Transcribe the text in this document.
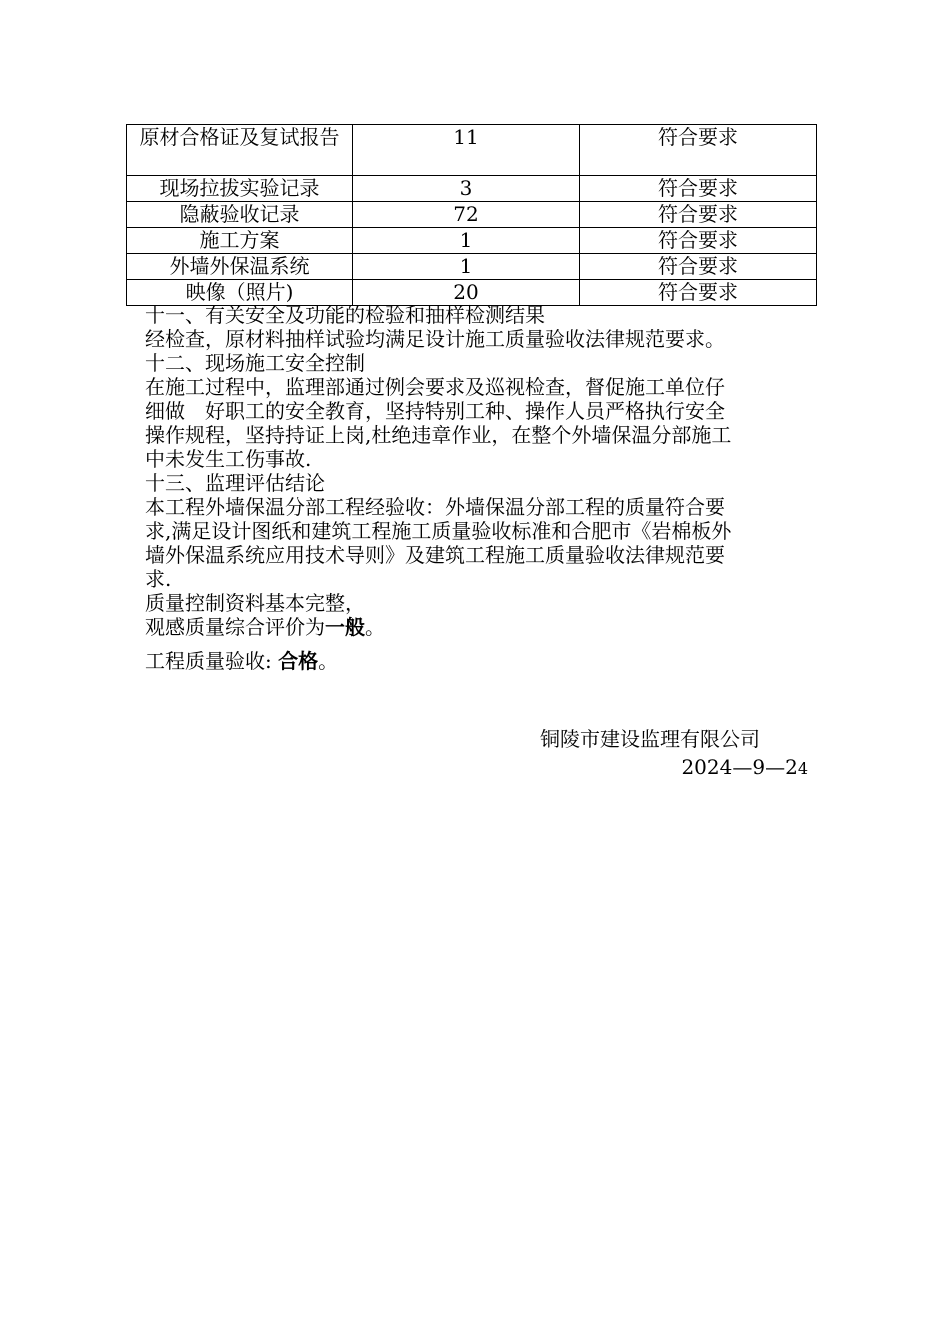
原材合格证及复试报告	11	符合要求
现场拉拔实验记录	3	符合要求
隐蔽验收记录	72	符合要求
施工方案	1	符合要求
外墙外保温系统	1	符合要求
映像（照片)	20	符合要求

十一、有关安全及功能的检验和抽样检测结果

经检查，原材料抽样试验均满足设计施工质量验收法律规范要求。

十二、现场施工安全控制

在施工过程中，监理部通过例会要求及巡视检查，督促施工单位仔

细做　好职工的安全教育，坚持特别工种、操作人员严格执行安全

操作规程，坚持持证上岗,杜绝违章作业，在整个外墙保温分部施工

中未发生工伤事故.

十三、监理评估结论

本工程外墙保温分部工程经验收：外墙保温分部工程的质量符合要

求,满足设计图纸和建筑工程施工质量验收标准和合肥市《岩棉板外

墙外保温系统应用技术导则》及建筑工程施工质量验收法律规范要

求.

质量控制资料基本完整，

观感质量综合评价为一般。

工程质量验收: 合格。

铜陵市建设监理有限公司
2024—9—24
